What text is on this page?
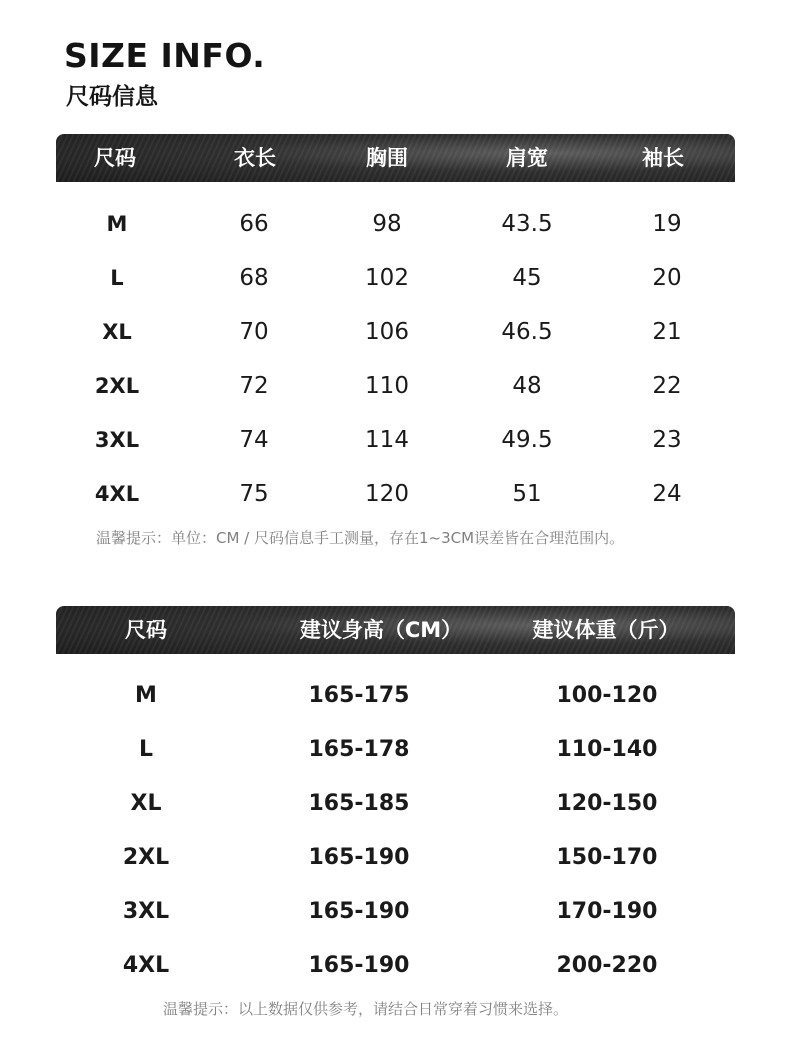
SIZE INFO.
尺码信息
尺码	衣长	胸围	肩宽	袖长
M	66	98	43.5	19
L	68	102	45	20
XL	70	106	46.5	21
2XL	72	110	48	22
3XL	74	114	49.5	23
4XL	75	120	51	24
温馨提示：单位：CM / 尺码信息手工测量，存在1~3CM误差皆在合理范围内。
尺码	建议身高（CM）	建议体重（斤）
M	165-175	100-120
L	165-178	110-140
XL	165-185	120-150
2XL	165-190	150-170
3XL	165-190	170-190
4XL	165-190	200-220
温馨提示：以上数据仅供参考，请结合日常穿着习惯来选择。
